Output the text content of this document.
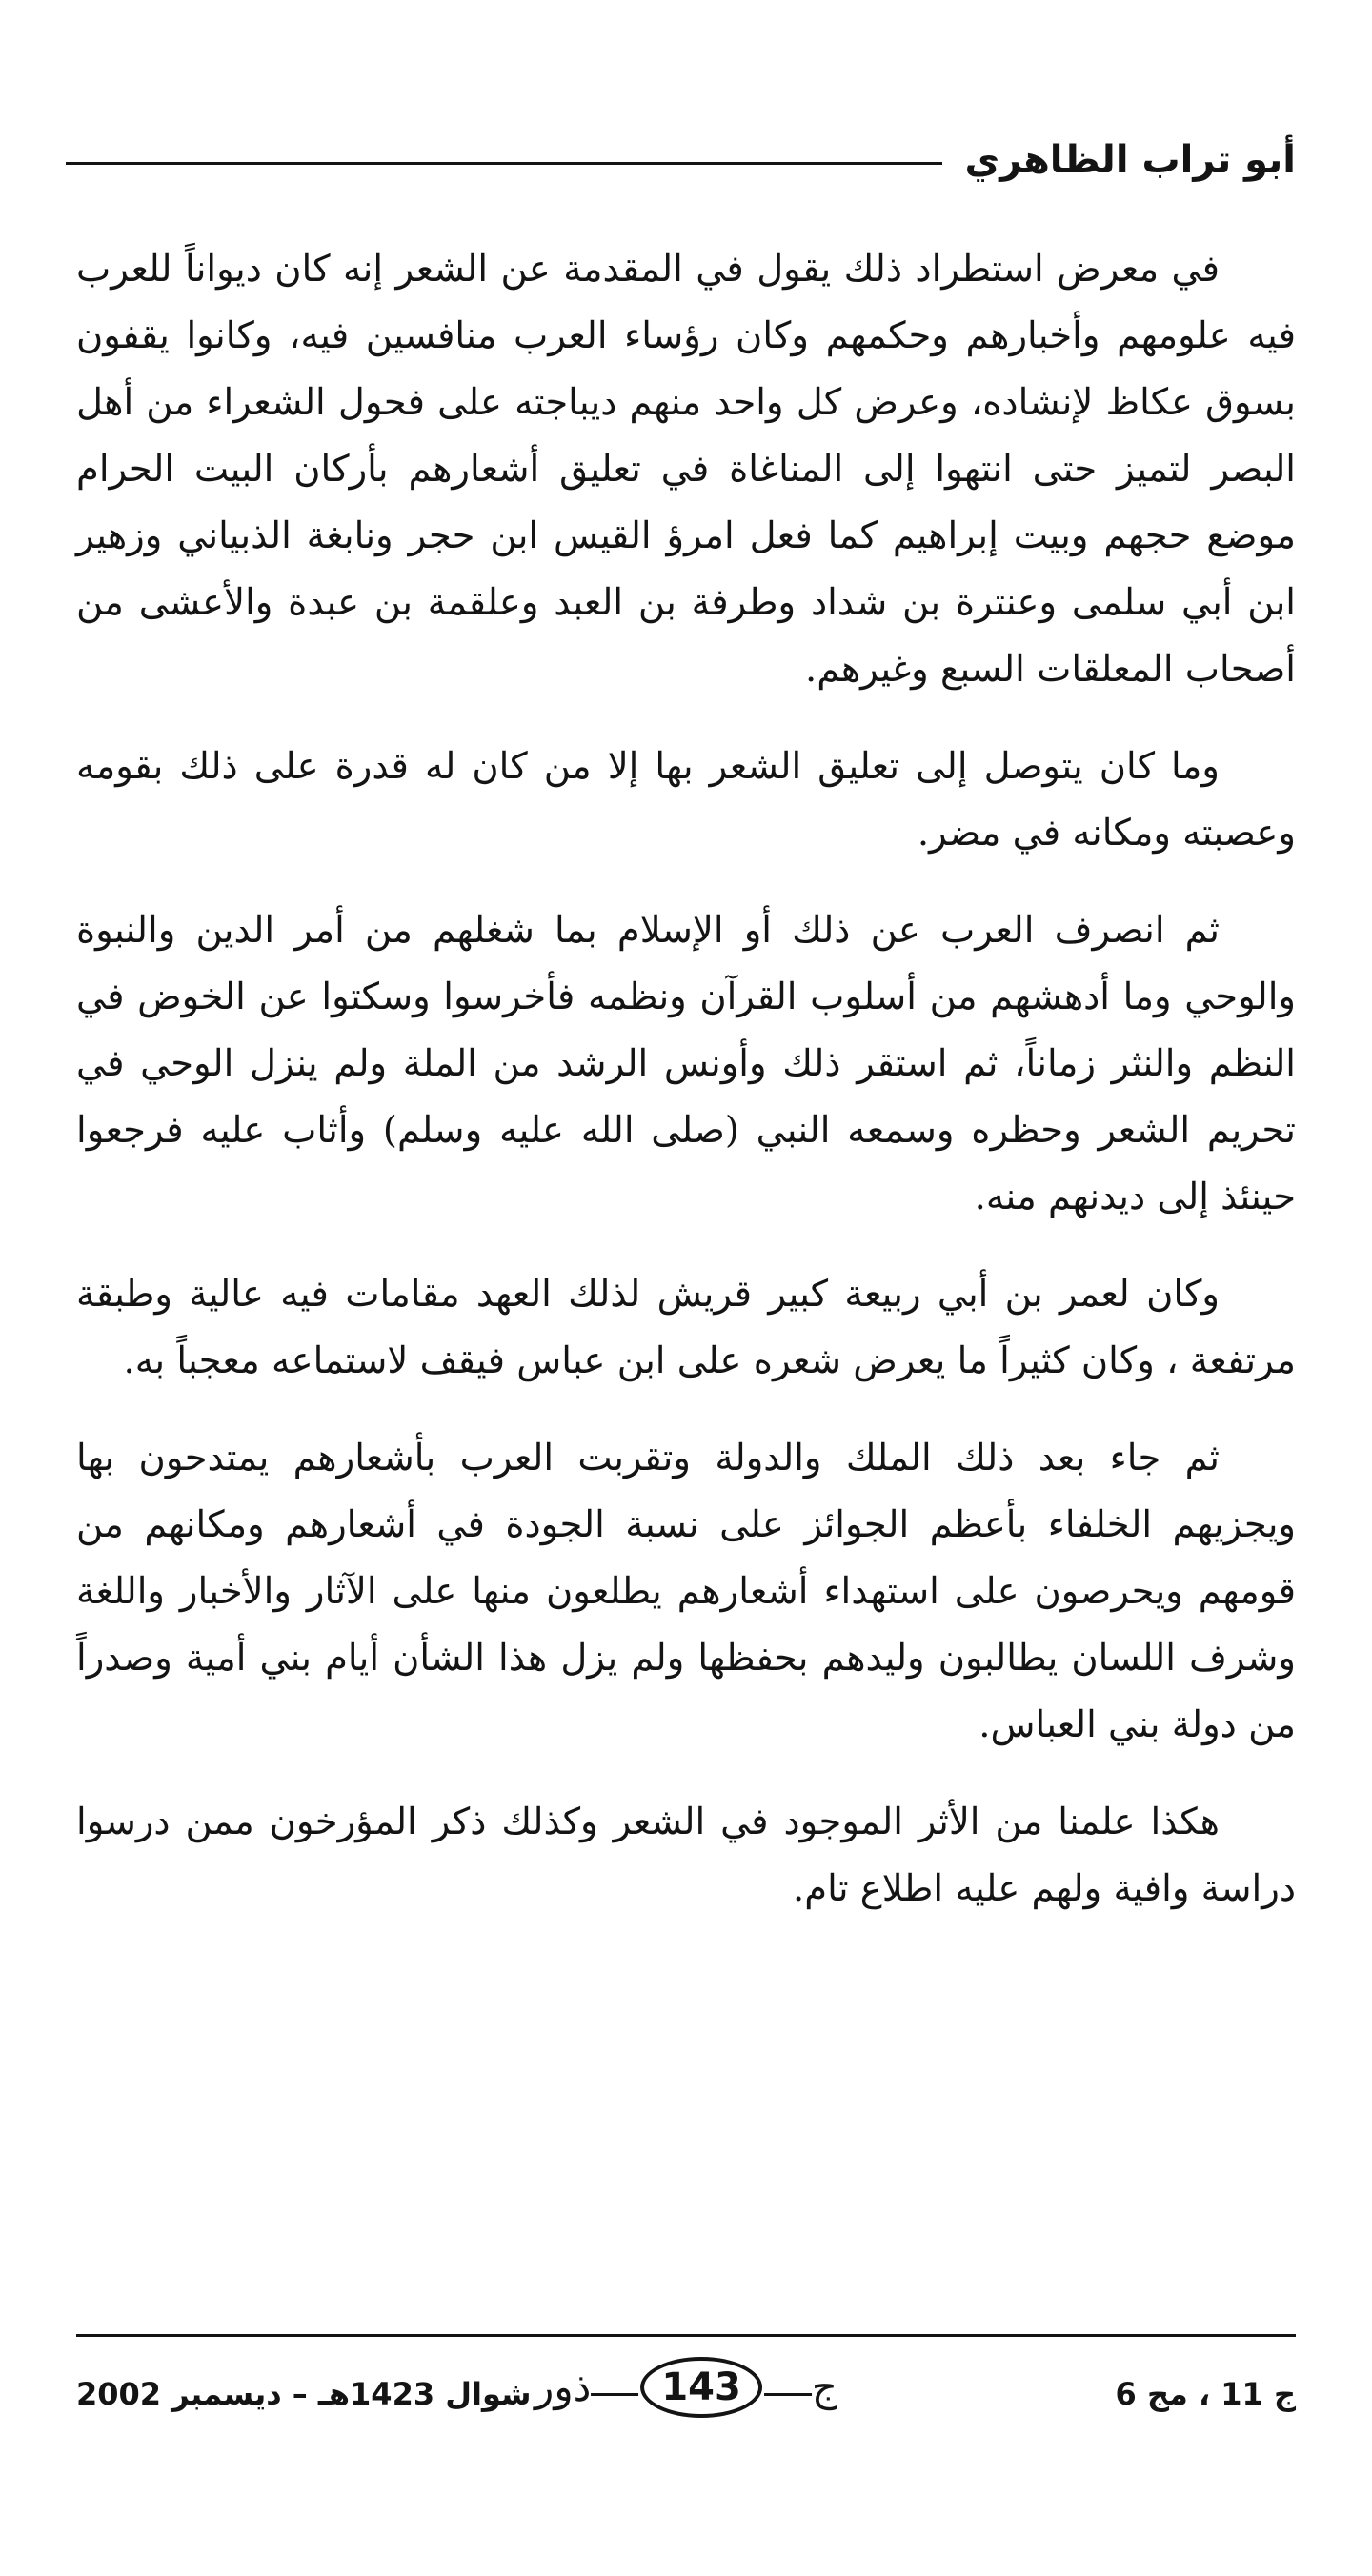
أبو تراب الظاهري

في معرض استطراد ذلك يقول في المقدمة عن الشعر إنه كان ديواناً للعرب فيه علومهم وأخبارهم وحكمهم وكان رؤساء العرب منافسين فيه، وكانوا يقفون بسوق عكاظ لإنشاده، وعرض كل واحد منهم ديباجته على فحول الشعراء من أهل البصر لتميز حتى انتهوا إلى المناغاة في تعليق أشعارهم بأركان البيت الحرام موضع حجهم وبيت إبراهيم كما فعل امرؤ القيس ابن حجر ونابغة الذبياني وزهير ابن أبي سلمى وعنترة بن شداد وطرفة بن العبد وعلقمة بن عبدة والأعشى من أصحاب المعلقات السبع وغيرهم.

وما كان يتوصل إلى تعليق الشعر بها إلا من كان له قدرة على ذلك بقومه وعصبته ومكانه في مضر.

ثم انصرف العرب عن ذلك أو الإسلام بما شغلهم من أمر الدين والنبوة والوحي وما أدهشهم من أسلوب القرآن ونظمه فأخرسوا وسكتوا عن الخوض في النظم والنثر زماناً، ثم استقر ذلك وأونس الرشد من الملة ولم ينزل الوحي في تحريم الشعر وحظره وسمعه النبي (صلى الله عليه وسلم) وأثاب عليه فرجعوا حينئذ إلى ديدنهم منه.

وكان لعمر بن أبي ربيعة كبير قريش لذلك العهد مقامات فيه عالية وطبقة مرتفعة ، وكان كثيراً ما يعرض شعره على ابن عباس فيقف لاستماعه معجباً به.

ثم جاء بعد ذلك الملك والدولة وتقربت العرب بأشعارهم يمتدحون بها ويجزيهم الخلفاء بأعظم الجوائز على نسبة الجودة في أشعارهم ومكانهم من قومهم ويحرصون على استهداء أشعارهم يطلعون منها على الآثار والأخبار واللغة وشرف اللسان يطالبون وليدهم بحفظها ولم يزل هذا الشأن أيام بني أمية وصدراً من دولة بني العباس.

هكذا علمنا من الأثر الموجود في الشعر وكذلك ذكر المؤرخون ممن درسوا دراسة وافية ولهم عليه اطلاع تام.

ج 11 ، مج 6
ج
143
ذور
شوال 1423هـ – ديسمبر 2002
